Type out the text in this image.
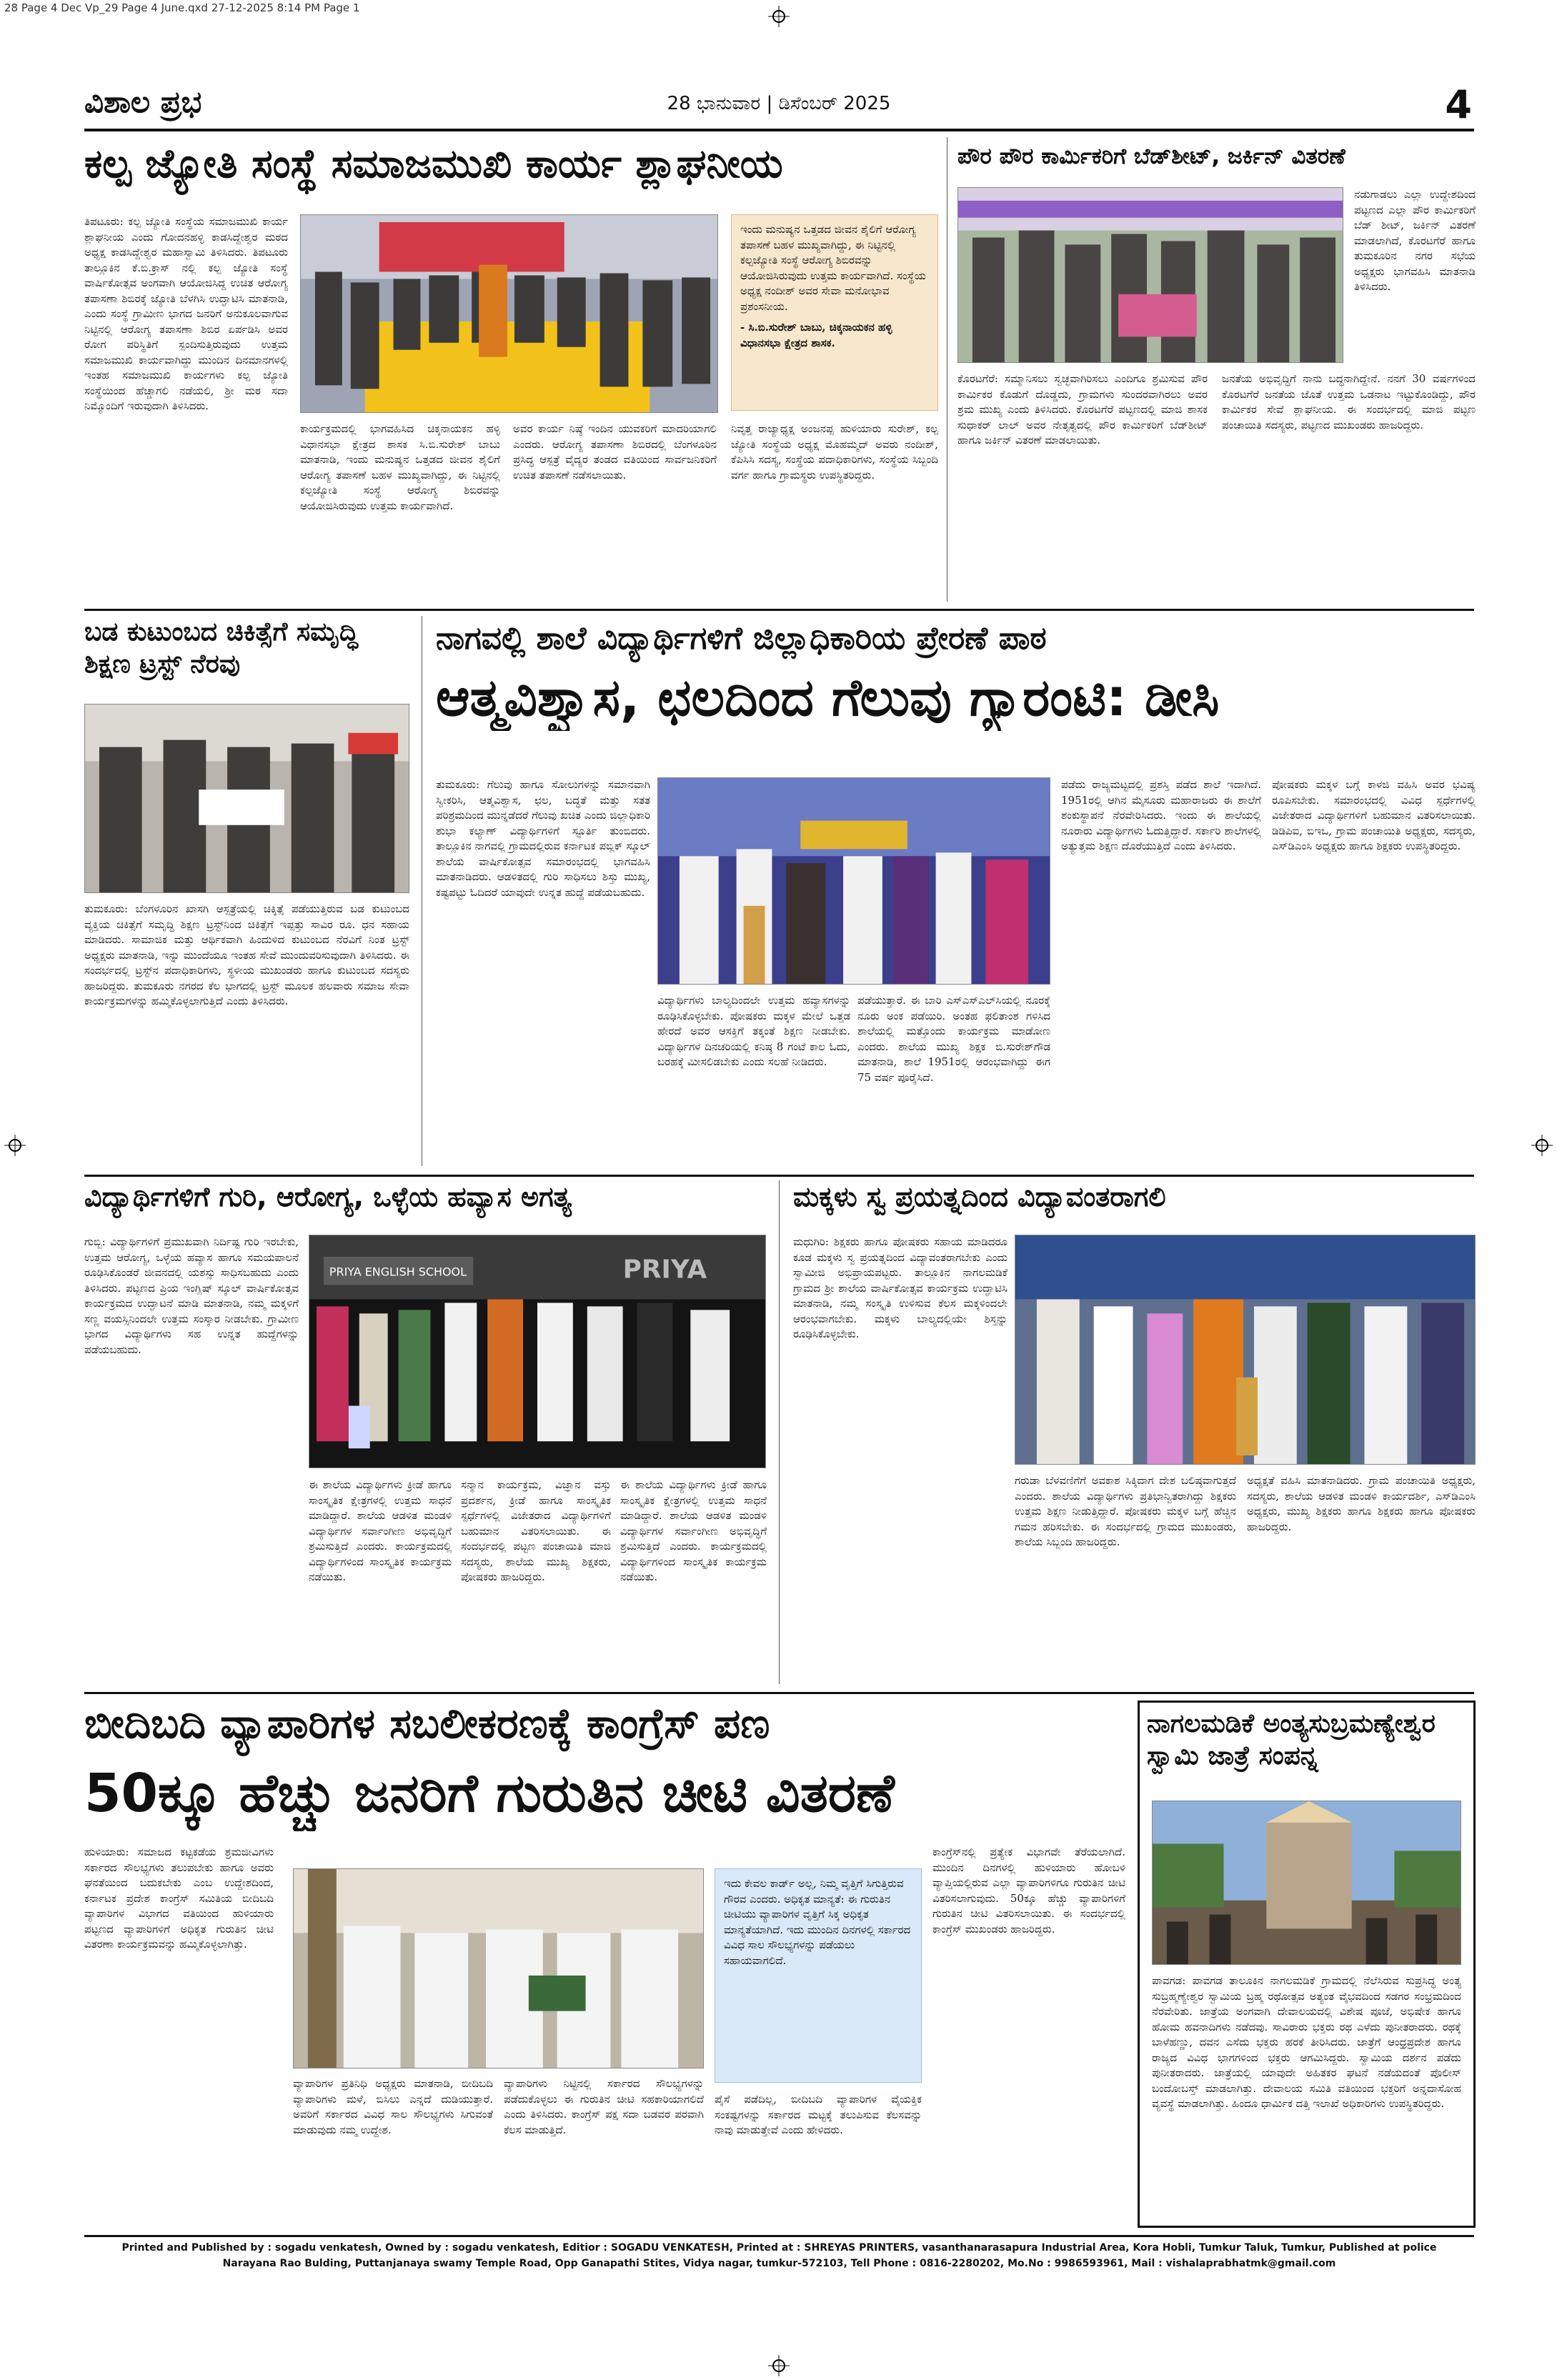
28 Page 4 Dec Vp_29 Page 4 June.qxd 27-12-2025 8:14 PM Page 1
ವಿಶಾಲ ಪ್ರಭ	28 ಭಾನುವಾರ | ಡಿಸೆಂಬರ್ 2025	4
ಕಲ್ಪ ಜ್ಯೋತಿ ಸಂಸ್ಥೆ ಸಮಾಜಮುಖಿ ಕಾರ್ಯ ಶ್ಲಾಘನೀಯ
ತಿಪಟೂರು: ಕಲ್ಪ ಜ್ಯೋತಿ ಸಂಸ್ಥೆಯ ಸಮಾಜಮುಖಿ ಕಾರ್ಯ ಶ್ಲಾಘನೀಯ ಎಂದು ಗೋದನಹಳ್ಳಿ ಕಾಡಸಿದ್ದೇಶ್ವರ ಮಠದ ಅಧ್ಯಕ್ಷ ಕಾಡಸಿದ್ದೇಶ್ವರ ಮಹಾಸ್ವಾಮಿ ತಿಳಿಸಿದರು. ತಿಪಟೂರು ತಾಲ್ಲೂಕಿನ ಕೆ.ಬಿ.ಕ್ರಾಸ್ ನಲ್ಲಿ ಕಲ್ಪ ಜ್ಯೋತಿ ಸಂಸ್ಥೆ ವಾರ್ಷಿಕೋತ್ಸವ ಅಂಗವಾಗಿ ಆಯೋಜಿಸಿದ್ದ ಉಚಿತ ಆರೋಗ್ಯ ತಪಾಸಣಾ ಶಿಬಿರಕ್ಕೆ ಜ್ಯೋತಿ ಬೆಳಗಿಸಿ ಉದ್ಘಾಟಿಸಿ ಮಾತನಾಡಿ, ಎಂದು ಸಂಸ್ಥೆ ಗ್ರಾಮೀಣ ಭಾಗದ ಜನರಿಗೆ ಅನುಕೂಲವಾಗುವ ನಿಟ್ಟಿನಲ್ಲಿ ಆರೋಗ್ಯ ತಪಾಸಣಾ ಶಿಬಿರ ಏರ್ಪಡಿಸಿ ಅವರ ರೋಗ ಪರಿಸ್ಥಿತಿಗೆ ಸ್ಪಂದಿಸುತ್ತಿರುವುದು ಉತ್ತಮ ಸಮಾಜಮುಖಿ ಕಾರ್ಯವಾಗಿದ್ದು ಮುಂದಿನ ದಿನಮಾನಗಳಲ್ಲಿ ಇಂತಹ ಸಮಾಜಮುಖಿ ಕಾರ್ಯಗಳು ಕಲ್ಪ ಜ್ಯೋತಿ ಸಂಸ್ಥೆಯಿಂದ ಹೆಚ್ಚಾಗಲಿ ನಡೆಯಲಿ, ಶ್ರೀ ಮಠ ಸದಾ ನಿಮ್ಮೊಂದಿಗೆ ಇರುವುದಾಗಿ ತಿಳಿಸಿದರು.
ಇಂದು ಮನುಷ್ಯನ ಒತ್ತಡದ ಜೀವನ ಶೈಲಿಗೆ ಆರೋಗ್ಯ ತಪಾಸಣೆ ಬಹಳ ಮುಖ್ಯವಾಗಿದ್ದು, ಈ ನಿಟ್ಟಿನಲ್ಲಿ ಕಲ್ಪಜ್ಯೋತಿ ಸಂಸ್ಥೆ ಆರೋಗ್ಯ ಶಿಬಿರವನ್ನು ಆಯೋಜಿಸಿರುವುದು ಉತ್ತಮ ಕಾರ್ಯವಾಗಿದೆ. ಸಂಸ್ಥೆಯ ಅಧ್ಯಕ್ಷ ನಂದೀಶ್ ಅವರ ಸೇವಾ ಮನೋಭಾವ ಪ್ರಶಂಸನೀಯ.
- ಸಿ.ಬಿ.ಸುರೇಶ್ ಬಾಬು, ಚಿಕ್ಕನಾಯಕನ ಹಳ್ಳಿ ವಿಧಾನಸಭಾ ಕ್ಷೇತ್ರದ ಶಾಸಕ.
ಕಾರ್ಯಕ್ರಮದಲ್ಲಿ ಭಾಗವಹಿಸಿದ ಚಿಕ್ಕನಾಯಕನ ಹಳ್ಳಿ ವಿಧಾನಸಭಾ ಕ್ಷೇತ್ರದ ಶಾಸಕ ಸಿ.ಬಿ.ಸುರೇಶ್ ಬಾಬು ಮಾತನಾಡಿ, ಇಂದು ಮನುಷ್ಯನ ಒತ್ತಡದ ಜೀವನ ಶೈಲಿಗೆ ಆರೋಗ್ಯ ತಪಾಸಣೆ ಬಹಳ ಮುಖ್ಯವಾಗಿದ್ದು, ಈ ನಿಟ್ಟಿನಲ್ಲಿ ಕಲ್ಪಜ್ಯೋತಿ ಸಂಸ್ಥೆ ಆರೋಗ್ಯ ಶಿಬಿರವನ್ನು ಆಯೋಜಿಸಿರುವುದು ಉತ್ತಮ ಕಾರ್ಯವಾಗಿದೆ.
ಅವರ ಕಾರ್ಯ ನಿಷ್ಠೆ ಇಂದಿನ ಯುವಕರಿಗೆ ಮಾದರಿಯಾಗಲಿ ಎಂದರು. ಆರೋಗ್ಯ ತಪಾಸಣಾ ಶಿಬಿರದಲ್ಲಿ ಬೆಂಗಳೂರಿನ ಪ್ರಸಿದ್ಧ ಆಸ್ಪತ್ರೆ ವೈದ್ಯರ ತಂಡದ ವತಿಯಿಂದ ಸಾರ್ವಜನಿಕರಿಗೆ ಉಚಿತ ತಪಾಸಣೆ ನಡೆಸಲಾಯಿತು.
ನಿವೃತ್ತ ರಾಜ್ಯಾಧ್ಯಕ್ಷ ಅಂಜನಪ್ಪ ಹುಳಿಯಾರು ಸುರೇಶ್, ಕಲ್ಪ ಜ್ಯೋತಿ ಸಂಸ್ಥೆಯ ಅಧ್ಯಕ್ಷ ಮೊಹಮ್ಮದ್ ಅವರು ನಂದೀಶ್, ಕೆಪಿಸಿಸಿ ಸದಸ್ಯ, ಸಂಸ್ಥೆಯ ಪದಾಧಿಕಾರಿಗಳು, ಸಂಸ್ಥೆಯ ಸಿಬ್ಬಂದಿ ವರ್ಗ ಹಾಗೂ ಗ್ರಾಮಸ್ಥರು ಉಪಸ್ಥಿತರಿದ್ದರು.
ಪೌರ ಪೌರ ಕಾರ್ಮಿಕರಿಗೆ ಬೆಡ್‌ಶೀಟ್, ಜರ್ಕಿನ್ ವಿತರಣೆ
ನಡುಗಾಡಲು ಎಲ್ಲಾ ಉದ್ದೇಶದಿಂದ ಪಟ್ಟಣದ ಎಲ್ಲಾ ಪೌರ ಕಾರ್ಮಿಕರಿಗೆ ಬೆಡ್ ಶೀಟ್, ಜರ್ಕಿನ್ ವಿತರಣೆ ಮಾಡಲಾಗಿದೆ, ಕೊರಟಗೆರೆ ಹಾಗೂ ತುಮಕೂರಿನ ನಗರ ಸಭೆಯ ಅಧ್ಯಕ್ಷರು ಭಾಗವಹಿಸಿ ಮಾತನಾಡಿ ತಿಳಿಸಿದರು.
ಕೊರಟಗೆರೆ: ಸಮ್ಮಾನಿಸಲು ಸ್ವಚ್ಛವಾಗಿರಿಸಲು ಎಂದಿಗೂ ಶ್ರಮಿಸುವ ಪೌರ ಕಾರ್ಮಿಕರ ಕೊಡುಗೆ ದೊಡ್ಡದು, ಗ್ರಾಮಗಳು ಸುಂದರವಾಗಿರಲು ಅವರ ಶ್ರಮ ಮುಖ್ಯ ಎಂದು ತಿಳಿಸಿದರು. ಕೊರಟಗೆರೆ ಪಟ್ಟಣದಲ್ಲಿ ಮಾಜಿ ಶಾಸಕ ಸುಧಾಕರ್ ಲಾಲ್ ಅವರ ನೇತೃತ್ವದಲ್ಲಿ ಪೌರ ಕಾರ್ಮಿಕರಿಗೆ ಬೆಡ್‌ಶೀಟ್ ಹಾಗೂ ಜರ್ಕಿನ್ ವಿತರಣೆ ಮಾಡಲಾಯಿತು.
ಜನತೆಯ ಅಭಿವೃದ್ಧಿಗೆ ನಾನು ಬದ್ಧನಾಗಿದ್ದೇನೆ. ನನಗೆ 30 ವರ್ಷಗಳಿಂದ ಕೊರಟಗೆರೆ ಜನತೆಯ ಜೊತೆ ಉತ್ತಮ ಒಡನಾಟ ಇಟ್ಟುಕೊಂಡಿದ್ದು, ಪೌರ ಕಾರ್ಮಿಕರ ಸೇವೆ ಶ್ಲಾಘನೀಯ. ಈ ಸಂದರ್ಭದಲ್ಲಿ ಮಾಜಿ ಪಟ್ಟಣ ಪಂಚಾಯಿತಿ ಸದಸ್ಯರು, ಪಟ್ಟಣದ ಮುಖಂಡರು ಹಾಜರಿದ್ದರು.
ಬಡ ಕುಟುಂಬದ ಚಿಕಿತ್ಸೆಗೆ ಸಮೃದ್ಧಿ ಶಿಕ್ಷಣ ಟ್ರಸ್ಟ್ ನೆರವು
ತುಮಕೂರು: ಬೆಂಗಳೂರಿನ ಖಾಸಗಿ ಆಸ್ಪತ್ರೆಯಲ್ಲಿ ಚಿಕ್ಕಿತ್ಸೆ ಪಡೆಯುತ್ತಿರುವ ಬಡ ಕುಟುಂಬದ ವ್ಯಕ್ತಿಯ ಚಿಕಿತ್ಸೆಗೆ ಸಮೃದ್ಧಿ ಶಿಕ್ಷಣ ಟ್ರಸ್ಟ್‌ನಿಂದ ಚಿಕಿತ್ಸೆಗೆ ಇಪ್ಪತ್ತು ಸಾವಿರ ರೂ. ಧನ ಸಹಾಯ ಮಾಡಿದರು. ಸಾಮಾಜಿಕ ಮತ್ತು ಆರ್ಥಿಕವಾಗಿ ಹಿಂದುಳಿದ ಕುಟುಂಬದ ನೆರವಿಗೆ ನಿಂತ ಟ್ರಸ್ಟ್ ಅಧ್ಯಕ್ಷರು ಮಾತನಾಡಿ, ಇನ್ನು ಮುಂದೆಯೂ ಇಂತಹ ಸೇವೆ ಮುಂದುವರಿಸುವುದಾಗಿ ತಿಳಿಸಿದರು. ಈ ಸಂದರ್ಭದಲ್ಲಿ ಟ್ರಸ್ಟ್‌ನ ಪದಾಧಿಕಾರಿಗಳು, ಸ್ಥಳೀಯ ಮುಖಂಡರು ಹಾಗೂ ಕುಟುಂಬದ ಸದಸ್ಯರು ಹಾಜರಿದ್ದರು. ತುಮಕೂರು ನಗರದ ಕೆಲ ಭಾಗದಲ್ಲಿ ಟ್ರಸ್ಟ್ ಮೂಲಕ ಹಲವಾರು ಸಮಾಜ ಸೇವಾ ಕಾರ್ಯಕ್ರಮಗಳನ್ನು ಹಮ್ಮಿಕೊಳ್ಳಲಾಗುತ್ತಿದೆ ಎಂದು ತಿಳಿಸಿದರು.
ನಾಗವಲ್ಲಿ ಶಾಲೆ ವಿದ್ಯಾರ್ಥಿಗಳಿಗೆ ಜಿಲ್ಲಾಧಿಕಾರಿಯ ಪ್ರೇರಣೆ ಪಾಠ
ಆತ್ಮವಿಶ್ವಾಸ, ಛಲದಿಂದ ಗೆಲುವು ಗ್ಯಾರಂಟಿ: ಡೀಸಿ
ತುಮಕೂರು: ಗೆಲುವು ಹಾಗೂ ಸೋಲುಗಳನ್ನು ಸಮಾನವಾಗಿ ಸ್ವೀಕರಿಸಿ, ಆತ್ಮವಿಶ್ವಾಸ, ಛಲ, ಬದ್ಧತೆ ಮತ್ತು ಸತತ ಪರಿಶ್ರಮದಿಂದ ಮುನ್ನಡೆದರೆ ಗೆಲುವು ಖಚಿತ ಎಂದು ಜಿಲ್ಲಾಧಿಕಾರಿ ಶುಭಾ ಕಲ್ಯಾಣ್ ವಿದ್ಯಾರ್ಥಿಗಳಿಗೆ ಸ್ಫೂರ್ತಿ ತುಂಬಿದರು. ತಾಲ್ಲೂಕಿನ ನಾಗವಲ್ಲಿ ಗ್ರಾಮದಲ್ಲಿರುವ ಕರ್ನಾಟಕ ಪಬ್ಲಿಕ್ ಸ್ಕೂಲ್ ಶಾಲೆಯ ವಾರ್ಷಿಕೋತ್ಸವ ಸಮಾರಂಭದಲ್ಲಿ ಭಾಗವಹಿಸಿ ಮಾತನಾಡಿದರು. ಆಡಳಿತದಲ್ಲಿ ಗುರಿ ಸಾಧಿಸಲು ಶಿಸ್ತು ಮುಖ್ಯ, ಕಷ್ಟಪಟ್ಟು ಓದಿದರೆ ಯಾವುದೇ ಉನ್ನತ ಹುದ್ದೆ ಪಡೆಯಬಹುದು.
ವಿದ್ಯಾರ್ಥಿಗಳು ಬಾಲ್ಯದಿಂದಲೇ ಉತ್ತಮ ಹವ್ಯಾಸಗಳನ್ನು ರೂಢಿಸಿಕೊಳ್ಳಬೇಕು. ಪೋಷಕರು ಮಕ್ಕಳ ಮೇಲೆ ಒತ್ತಡ ಹೇರದೆ ಅವರ ಆಸಕ್ತಿಗೆ ತಕ್ಕಂತೆ ಶಿಕ್ಷಣ ನೀಡಬೇಕು. ವಿದ್ಯಾರ್ಥಿಗಳ ದಿನಚರಿಯಲ್ಲಿ ಕನಿಷ್ಠ 8 ಗಂಟೆ ಕಾಲ ಓದು, ಬರಹಕ್ಕೆ ಮೀಸಲಿಡಬೇಕು ಎಂದು ಸಲಹೆ ನೀಡಿದರು.
ಪಡೆಯುತ್ತಾರೆ. ಈ ಬಾರಿ ಎಸ್‌ಎಸ್‌ಎಲ್‌ಸಿಯಲ್ಲಿ ನೂರಕ್ಕೆ ನೂರು ಅಂಕ ಪಡೆಯಿರಿ. ಅಂತಹ ಫಲಿತಾಂಶ ಗಳಿಸಿದ ಶಾಲೆಯಲ್ಲಿ ಮತ್ತೊಂದು ಕಾರ್ಯಕ್ರಮ ಮಾಡೋಣ ಎಂದರು. ಶಾಲೆಯ ಮುಖ್ಯ ಶಿಕ್ಷಕ ಬಿ.ಸುರೇಶ್‌ಗೌಡ ಮಾತನಾಡಿ, ಶಾಲೆ 1951ರಲ್ಲಿ ಆರಂಭವಾಗಿದ್ದು ಈಗ 75 ವರ್ಷ ಪೂರೈಸಿದೆ.
ಪಡೆದು ರಾಜ್ಯಮಟ್ಟದಲ್ಲಿ ಪ್ರಶಸ್ತಿ ಪಡೆದ ಶಾಲೆ ಇದಾಗಿದೆ. 1951ರಲ್ಲಿ ಆಗಿನ ಮೈಸೂರು ಮಹಾರಾಜರು ಈ ಶಾಲೆಗೆ ಶಂಕುಸ್ಥಾಪನೆ ನೆರವೇರಿಸಿದರು. ಇಂದು ಈ ಶಾಲೆಯಲ್ಲಿ ನೂರಾರು ವಿದ್ಯಾರ್ಥಿಗಳು ಓದುತ್ತಿದ್ದಾರೆ. ಸರ್ಕಾರಿ ಶಾಲೆಗಳಲ್ಲಿ ಅತ್ಯುತ್ತಮ ಶಿಕ್ಷಣ ದೊರೆಯುತ್ತಿದೆ ಎಂದು ತಿಳಿಸಿದರು.
ಪೋಷಕರು ಮಕ್ಕಳ ಬಗ್ಗೆ ಕಾಳಜಿ ವಹಿಸಿ ಅವರ ಭವಿಷ್ಯ ರೂಪಿಸಬೇಕು. ಸಮಾರಂಭದಲ್ಲಿ ವಿವಿಧ ಸ್ಪರ್ಧೆಗಳಲ್ಲಿ ವಿಜೇತರಾದ ವಿದ್ಯಾರ್ಥಿಗಳಿಗೆ ಬಹುಮಾನ ವಿತರಿಸಲಾಯಿತು. ಡಿಡಿಪಿಐ, ಬಿಇಒ, ಗ್ರಾಮ ಪಂಚಾಯಿತಿ ಅಧ್ಯಕ್ಷರು, ಸದಸ್ಯರು, ಎಸ್‌ಡಿಎಂಸಿ ಅಧ್ಯಕ್ಷರು ಹಾಗೂ ಶಿಕ್ಷಕರು ಉಪಸ್ಥಿತರಿದ್ದರು.
ವಿದ್ಯಾರ್ಥಿಗಳಿಗೆ ಗುರಿ, ಆರೋಗ್ಯ, ಒಳ್ಳೆಯ ಹವ್ಯಾಸ ಅಗತ್ಯ
ಗುಬ್ಬಿ: ವಿದ್ಯಾರ್ಥಿಗಳಿಗೆ ಪ್ರಮುಖವಾಗಿ ನಿರ್ದಿಷ್ಟ ಗುರಿ ಇರಬೇಕು, ಉತ್ತಮ ಆರೋಗ್ಯ, ಒಳ್ಳೆಯ ಹವ್ಯಾಸ ಹಾಗೂ ಸಮಯಪಾಲನೆ ರೂಢಿಸಿಕೊಂಡರೆ ಜೀವನದಲ್ಲಿ ಯಶಸ್ಸು ಸಾಧಿಸಬಹುದು ಎಂದು ತಿಳಿಸಿದರು. ಪಟ್ಟಣದ ಪ್ರಿಯ ಇಂಗ್ಲಿಷ್ ಸ್ಕೂಲ್ ವಾರ್ಷಿಕೋತ್ಸವ ಕಾರ್ಯಕ್ರಮದ ಉದ್ಘಾಟನೆ ಮಾಡಿ ಮಾತನಾಡಿ, ನಮ್ಮ ಮಕ್ಕಳಿಗೆ ಸಣ್ಣ ವಯಸ್ಸಿನಿಂದಲೇ ಉತ್ತಮ ಸಂಸ್ಕಾರ ನೀಡಬೇಕು. ಗ್ರಾಮೀಣ ಭಾಗದ ವಿದ್ಯಾರ್ಥಿಗಳು ಸಹ ಉನ್ನತ ಹುದ್ದೆಗಳನ್ನು ಪಡೆಯಬಹುದು.
PRIYA ENGLISH SCHOOL	PRIYA
ಈ ಶಾಲೆಯ ವಿದ್ಯಾರ್ಥಿಗಳು ಕ್ರೀಡೆ ಹಾಗೂ ಸಾಂಸ್ಕೃತಿಕ ಕ್ಷೇತ್ರಗಳಲ್ಲಿ ಉತ್ತಮ ಸಾಧನೆ ಮಾಡಿದ್ದಾರೆ. ಶಾಲೆಯ ಆಡಳಿತ ಮಂಡಳಿ ವಿದ್ಯಾರ್ಥಿಗಳ ಸರ್ವಾಂಗೀಣ ಅಭಿವೃದ್ಧಿಗೆ ಶ್ರಮಿಸುತ್ತಿದೆ ಎಂದರು. ಕಾರ್ಯಕ್ರಮದಲ್ಲಿ ವಿದ್ಯಾರ್ಥಿಗಳಿಂದ ಸಾಂಸ್ಕೃತಿಕ ಕಾರ್ಯಕ್ರಮ ನಡೆಯಿತು.
ಸನ್ಮಾನ ಕಾರ್ಯಕ್ರಮ, ವಿಜ್ಞಾನ ವಸ್ತು ಪ್ರದರ್ಶನ, ಕ್ರೀಡೆ ಹಾಗೂ ಸಾಂಸ್ಕೃತಿಕ ಸ್ಪರ್ಧೆಗಳಲ್ಲಿ ವಿಜೇತರಾದ ವಿದ್ಯಾರ್ಥಿಗಳಿಗೆ ಬಹುಮಾನ ವಿತರಿಸಲಾಯಿತು. ಈ ಸಂದರ್ಭದಲ್ಲಿ ಪಟ್ಟಣ ಪಂಚಾಯಿತಿ ಮಾಜಿ ಸದಸ್ಯರು, ಶಾಲೆಯ ಮುಖ್ಯ ಶಿಕ್ಷಕರು, ಪೋಷಕರು ಹಾಜರಿದ್ದರು.
ಈ ಶಾಲೆಯ ವಿದ್ಯಾರ್ಥಿಗಳು ಕ್ರೀಡೆ ಹಾಗೂ ಸಾಂಸ್ಕೃತಿಕ ಕ್ಷೇತ್ರಗಳಲ್ಲಿ ಉತ್ತಮ ಸಾಧನೆ ಮಾಡಿದ್ದಾರೆ. ಶಾಲೆಯ ಆಡಳಿತ ಮಂಡಳಿ ವಿದ್ಯಾರ್ಥಿಗಳ ಸರ್ವಾಂಗೀಣ ಅಭಿವೃದ್ಧಿಗೆ ಶ್ರಮಿಸುತ್ತಿದೆ ಎಂದರು. ಕಾರ್ಯಕ್ರಮದಲ್ಲಿ ವಿದ್ಯಾರ್ಥಿಗಳಿಂದ ಸಾಂಸ್ಕೃತಿಕ ಕಾರ್ಯಕ್ರಮ ನಡೆಯಿತು.
ಮಕ್ಕಳು ಸ್ವ ಪ್ರಯತ್ನದಿಂದ ವಿದ್ಯಾವಂತರಾಗಲಿ
ಮಧುಗಿರಿ: ಶಿಕ್ಷಕರು ಹಾಗೂ ಪೋಷಕರು ಸಹಾಯ ಮಾಡಿದರೂ ಕೂಡ ಮಕ್ಕಳು ಸ್ವ ಪ್ರಯತ್ನದಿಂದ ವಿದ್ಯಾವಂತರಾಗಬೇಕು ಎಂದು ಸ್ವಾಮೀಜಿ ಅಭಿಪ್ರಾಯಪಟ್ಟರು. ತಾಲ್ಲೂಕಿನ ನಾಗಲಮಡಿಕೆ ಗ್ರಾಮದ ಶ್ರೀ ಶಾಲೆಯ ವಾರ್ಷಿಕೋತ್ಸವ ಕಾರ್ಯಕ್ರಮ ಉದ್ಘಾಟಿಸಿ ಮಾತನಾಡಿ, ನಮ್ಮ ಸಂಸ್ಕೃತಿ ಉಳಿಸುವ ಕೆಲಸ ಮಕ್ಕಳಿಂದಲೇ ಆರಂಭವಾಗಬೇಕು. ಮಕ್ಕಳು ಬಾಲ್ಯದಲ್ಲಿಯೇ ಶಿಸ್ತನ್ನು ರೂಢಿಸಿಕೊಳ್ಳಬೇಕು.
ಗರುಡಾ ಬೆಳವಣಿಗೆಗೆ ಅವಕಾಶ ಸಿಕ್ಕಿದಾಗ ದೇಶ ಬಲಿಷ್ಠವಾಗುತ್ತದೆ ಎಂದರು. ಶಾಲೆಯ ವಿದ್ಯಾರ್ಥಿಗಳು ಪ್ರತಿಭಾನ್ವಿತರಾಗಿದ್ದು ಶಿಕ್ಷಕರು ಉತ್ತಮ ಶಿಕ್ಷಣ ನೀಡುತ್ತಿದ್ದಾರೆ. ಪೋಷಕರು ಮಕ್ಕಳ ಬಗ್ಗೆ ಹೆಚ್ಚಿನ ಗಮನ ಹರಿಸಬೇಕು. ಈ ಸಂದರ್ಭದಲ್ಲಿ ಗ್ರಾಮದ ಮುಖಂಡರು, ಶಾಲೆಯ ಸಿಬ್ಬಂದಿ ಹಾಜರಿದ್ದರು.
ಅಧ್ಯಕ್ಷತೆ ವಹಿಸಿ ಮಾತನಾಡಿದರು. ಗ್ರಾಮ ಪಂಚಾಯಿತಿ ಅಧ್ಯಕ್ಷರು, ಸದಸ್ಯರು, ಶಾಲೆಯ ಆಡಳಿತ ಮಂಡಳಿ ಕಾರ್ಯದರ್ಶಿ, ಎಸ್‌ಡಿಎಂಸಿ ಅಧ್ಯಕ್ಷರು, ಮುಖ್ಯ ಶಿಕ್ಷಕರು ಹಾಗೂ ಶಿಕ್ಷಕರು ಹಾಗೂ ಪೋಷಕರು ಹಾಜರಿದ್ದರು.
ಬೀದಿಬದಿ ವ್ಯಾಪಾರಿಗಳ ಸಬಲೀಕರಣಕ್ಕೆ ಕಾಂಗ್ರೆಸ್ ಪಣ
50ಕ್ಕೂ ಹೆಚ್ಚು ಜನರಿಗೆ ಗುರುತಿನ ಚೀಟಿ ವಿತರಣೆ
ಹುಳಿಯಾರು: ಸಮಾಜದ ಕಟ್ಟಕಡೆಯ ಶ್ರಮಜೀವಿಗಳು ಸರ್ಕಾರದ ಸೌಲಭ್ಯಗಳು ತಲುಪಬೇಕು ಹಾಗೂ ಅವರು ಘನತೆಯಿಂದ ಬದುಕಬೇಕು ಎಂಬ ಉದ್ದೇಶದಿಂದ, ಕರ್ನಾಟಕ ಪ್ರದೇಶ ಕಾಂಗ್ರೆಸ್ ಸಮಿತಿಯ ಬೀದಿಬದಿ ವ್ಯಾಪಾರಿಗಳ ವಿಭಾಗದ ವತಿಯಿಂದ ಹುಳಿಯಾರು ಪಟ್ಟಣದ ವ್ಯಾಪಾರಿಗಳಿಗೆ ಅಧಿಕೃತ ಗುರುತಿನ ಚೀಟಿ ವಿತರಣಾ ಕಾರ್ಯಕ್ರಮವನ್ನು ಹಮ್ಮಿಕೊಳ್ಳಲಾಗಿತ್ತು.
ವ್ಯಾಪಾರಿಗಳ ಪ್ರತಿನಿಧಿ ಅಧ್ಯಕ್ಷರು ಮಾತನಾಡಿ, ಬೀದಿಬದಿ ವ್ಯಾಪಾರಿಗಳು ಮಳೆ, ಬಿಸಿಲು ಎನ್ನದೆ ದುಡಿಯುತ್ತಾರೆ. ಅವರಿಗೆ ಸರ್ಕಾರದ ವಿವಿಧ ಸಾಲ ಸೌಲಭ್ಯಗಳು ಸಿಗುವಂತೆ ಮಾಡುವುದು ನಮ್ಮ ಉದ್ದೇಶ.
ವ್ಯಾಪಾರಿಗಳು ನಿಟ್ಟಿನಲ್ಲಿ ಸರ್ಕಾರದ ಸೌಲಭ್ಯಗಳನ್ನು ಪಡೆದುಕೊಳ್ಳಲು ಈ ಗುರುತಿನ ಚೀಟಿ ಸಹಕಾರಿಯಾಗಲಿದೆ ಎಂದು ತಿಳಿಸಿದರು. ಕಾಂಗ್ರೆಸ್ ಪಕ್ಷ ಸದಾ ಬಡವರ ಪರವಾಗಿ ಕೆಲಸ ಮಾಡುತ್ತಿದೆ.
ಇದು ಕೇವಲ ಕಾರ್ಡ್ ಅಲ್ಲ, ನಿಮ್ಮ ವೃತ್ತಿಗೆ ಸಿಗುತ್ತಿರುವ ಗೌರವ ಎಂದರು. ಅಧಿಕೃತ ಮಾನ್ಯತೆ: ಈ ಗುರುತಿನ ಚೀಟಿಯು ವ್ಯಾಪಾರಿಗಳ ವೃತ್ತಿಗೆ ಸಿಕ್ಕ ಅಧಿಕೃತ ಮಾನ್ಯತೆಯಾಗಿದೆ. ಇದು ಮುಂದಿನ ದಿನಗಳಲ್ಲಿ ಸರ್ಕಾರದ ವಿವಿಧ ಸಾಲ ಸೌಲಭ್ಯಗಳನ್ನು ಪಡೆಯಲು ಸಹಾಯವಾಗಲಿದೆ.
ಪೈಸೆ ಪಡೆದಿಲ್ಲ, ಬೀದಿಬದಿ ವ್ಯಾಪಾರಿಗಳ ವೈಯಕ್ತಿಕ ಸಂಕಷ್ಟಗಳನ್ನು ಸರ್ಕಾರದ ಮಟ್ಟಕ್ಕೆ ತಲುಪಿಸುವ ಕೆಲಸವನ್ನು ನಾವು ಮಾಡುತ್ತೇವೆ ಎಂದು ಹೇಳಿದರು.
ಕಾಂಗ್ರೆಸ್‌ನಲ್ಲಿ ಪ್ರತ್ಯೇಕ ವಿಭಾಗವೇ ತೆರೆಯಲಾಗಿದೆ. ಮುಂದಿನ ದಿನಗಳಲ್ಲಿ ಹುಳಿಯಾರು ಹೋಬಳಿ ವ್ಯಾಪ್ತಿಯಲ್ಲಿರುವ ಎಲ್ಲಾ ವ್ಯಾಪಾರಿಗಳಿಗೂ ಗುರುತಿನ ಚೀಟಿ ವಿತರಿಸಲಾಗುವುದು. 50ಕ್ಕೂ ಹೆಚ್ಚು ವ್ಯಾಪಾರಿಗಳಿಗೆ ಗುರುತಿನ ಚೀಟಿ ವಿತರಿಸಲಾಯಿತು. ಈ ಸಂದರ್ಭದಲ್ಲಿ ಕಾಂಗ್ರೆಸ್ ಮುಖಂಡರು ಹಾಜರಿದ್ದರು.
ನಾಗಲಮಡಿಕೆ ಅಂತ್ಯಸುಬ್ರಮಣ್ಯೇಶ್ವರ ಸ್ವಾಮಿ ಜಾತ್ರೆ ಸಂಪನ್ನ
ಪಾವಗಡ: ಪಾವಗಡ ತಾಲೂಕಿನ ನಾಗಲಮಡಿಕೆ ಗ್ರಾಮದಲ್ಲಿ ನೆಲೆಸಿರುವ ಸುಪ್ರಸಿದ್ಧ ಅಂತ್ಯ ಸುಬ್ರಹ್ಮಣ್ಯೇಶ್ವರ ಸ್ವಾಮಿಯ ಬ್ರಹ್ಮ ರಥೋತ್ಸವ ಅತ್ಯಂತ ವೈಭವದಿಂದ ಸಡಗರ ಸಂಭ್ರಮದಿಂದ ನೆರವೇರಿತು. ಜಾತ್ರೆಯ ಅಂಗವಾಗಿ ದೇವಾಲಯದಲ್ಲಿ ವಿಶೇಷ ಪೂಜೆ, ಅಭಿಷೇಕ ಹಾಗೂ ಹೋಮ ಹವನಾದಿಗಳು ನಡೆದವು. ಸಾವಿರಾರು ಭಕ್ತರು ರಥ ಎಳೆದು ಪುನೀತರಾದರು. ರಥಕ್ಕೆ ಬಾಳೆಹಣ್ಣು, ದವನ ಎಸೆದು ಭಕ್ತರು ಹರಕೆ ತೀರಿಸಿದರು. ಜಾತ್ರೆಗೆ ಆಂಧ್ರಪ್ರದೇಶ ಹಾಗೂ ರಾಜ್ಯದ ವಿವಿಧ ಭಾಗಗಳಿಂದ ಭಕ್ತರು ಆಗಮಿಸಿದ್ದರು. ಸ್ವಾಮಿಯ ದರ್ಶನ ಪಡೆದು ಪುನೀತರಾದರು. ಜಾತ್ರೆಯಲ್ಲಿ ಯಾವುದೇ ಅಹಿತಕರ ಘಟನೆ ನಡೆಯದಂತೆ ಪೊಲೀಸ್ ಬಂದೋಬಸ್ತ್ ಮಾಡಲಾಗಿತ್ತು. ದೇವಾಲಯ ಸಮಿತಿ ವತಿಯಿಂದ ಭಕ್ತರಿಗೆ ಅನ್ನದಾಸೋಹ ವ್ಯವಸ್ಥೆ ಮಾಡಲಾಗಿತ್ತು. ಹಿಂದೂ ಧಾರ್ಮಿಕ ದತ್ತಿ ಇಲಾಖೆ ಅಧಿಕಾರಿಗಳು ಉಪಸ್ಥಿತರಿದ್ದರು.
Printed and Published by : sogadu venkatesh, Owned by : sogadu venkatesh, Editior : SOGADU VENKATESH, Printed at : SHREYAS PRINTERS, vasanthanarasapura Industrial Area, Kora Hobli, Tumkur Taluk, Tumkur, Published at police
Narayana Rao Bulding, Puttanjanaya swamy Temple Road, Opp Ganapathi Stites, Vidya nagar, tumkur-572103, Tell Phone : 0816-2280202, Mo.No : 9986593961, Mail : vishalaprabhatmk@gmail.com
